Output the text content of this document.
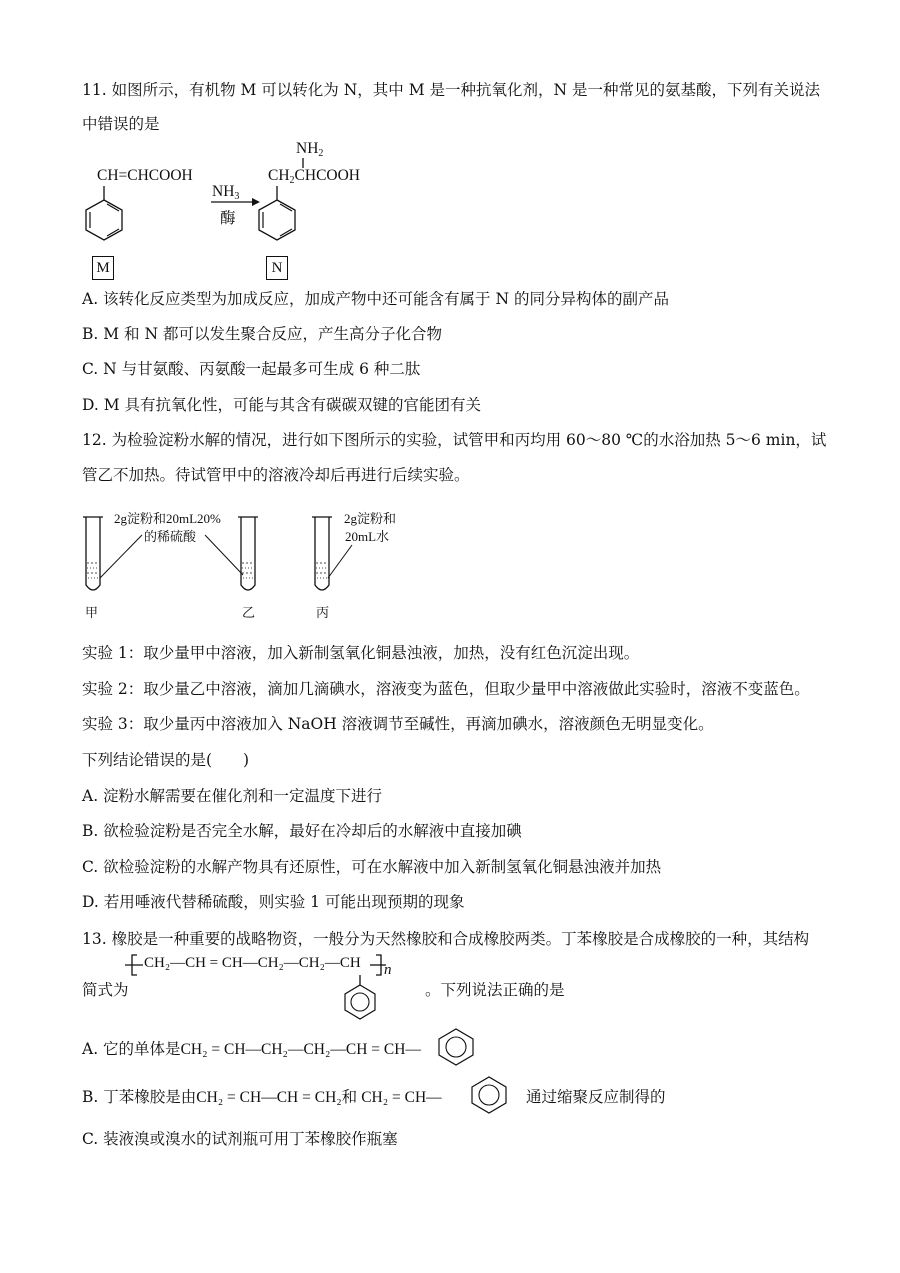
11. 如图所示，有机物 M 可以转化为 N，其中 M 是一种抗氧化剂，N 是一种常见的氨基酸，下列有关说法
中错误的是
CH=CHCOOH
$NH_3$
酶
$NH_2$
$CH_2CHCOOH$
M	N
A. 该转化反应类型为加成反应，加成产物中还可能含有属于 N 的同分异构体的副产品
B. M 和 N 都可以发生聚合反应，产生高分子化合物
C. N 与甘氨酸、丙氨酸一起最多可生成 6 种二肽
D. M 具有抗氧化性，可能与其含有碳碳双键的官能团有关
12. 为检验淀粉水解的情况，进行如下图所示的实验，试管甲和丙均用 60～80 ℃的水浴加热 5～6 min，试
管乙不加热。待试管甲中的溶液冷却后再进行后续实验。
2g淀粉和20mL20%
的稀硫酸
2g淀粉和
20mL水
甲	乙	丙
实验 1：取少量甲中溶液，加入新制氢氧化铜悬浊液，加热，没有红色沉淀出现。
实验 2：取少量乙中溶液，滴加几滴碘水，溶液变为蓝色，但取少量甲中溶液做此实验时，溶液不变蓝色。
实验 3：取少量丙中溶液加入 NaOH 溶液调节至碱性，再滴加碘水，溶液颜色无明显变化。
下列结论错误的是(　　)
A. 淀粉水解需要在催化剂和一定温度下进行
B. 欲检验淀粉是否完全水解，最好在冷却后的水解液中直接加碘
C. 欲检验淀粉的水解产物具有还原性，可在水解液中加入新制氢氧化铜悬浊液并加热
D. 若用唾液代替稀硫酸，则实验 1 可能出现预期的现象
13. 橡胶是一种重要的战略物资，一般分为天然橡胶和合成橡胶两类。丁苯橡胶是合成橡胶的一种，其结构
CH₂—CH = CH—CH₂—CH₂—CH n
简式为	。下列说法正确的是
A. 它的单体是CH₂ = CH—CH₂—CH₂—CH = CH—
B. 丁苯橡胶是由CH₂ = CH—CH = CH₂和 CH₂ = CH—	通过缩聚反应制得的
C. 装液溴或溴水的试剂瓶可用丁苯橡胶作瓶塞
